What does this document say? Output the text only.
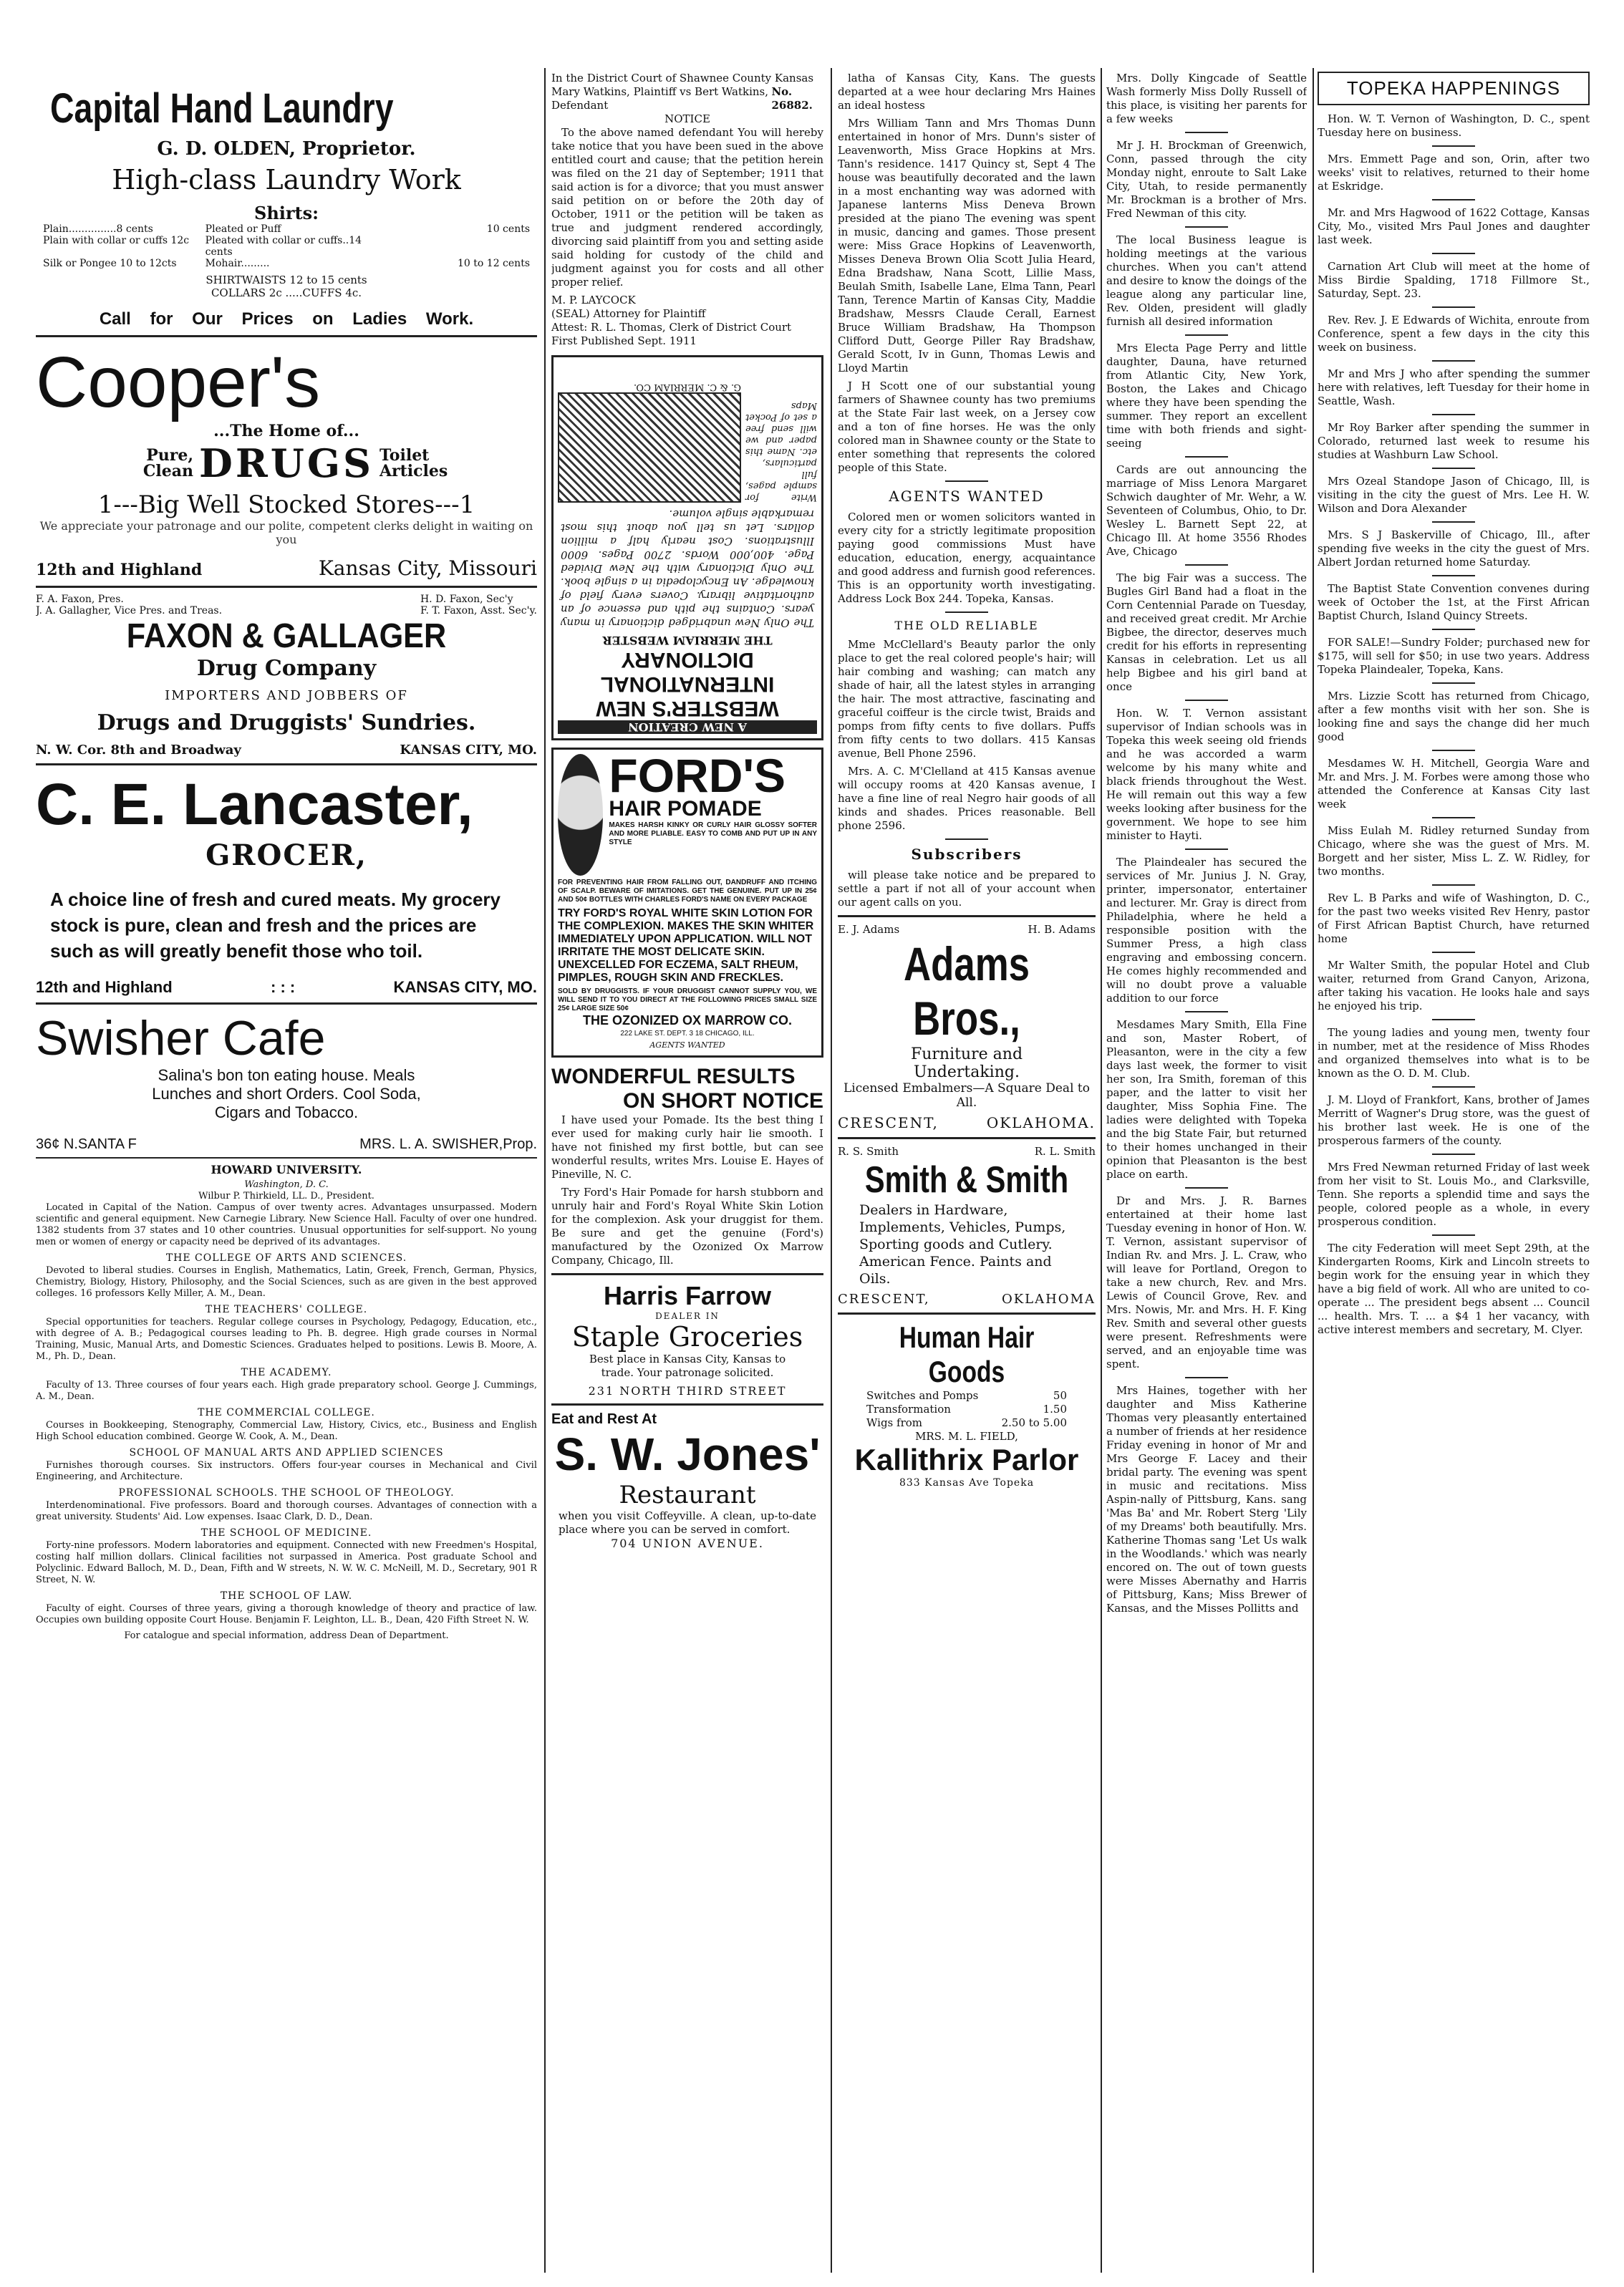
Capital Hand Laundry
G. D. OLDEN, Proprietor.
High-class Laundry Work
Shirts:
Plain...............8 cents	Pleated or Puff	10 cents
Plain with collar or cuffs 12c	Pleated with collar or cuffs..14 cents
Silk or Pongee 10 to 12cts	Mohair.........	10 to 12 cents
SHIRTWAISTS 12 to 15 cents
COLLARS 2c .....CUFFS 4c.
Call for Our Prices on Ladies Work.
Cooper's
...The Home of...
Pure, Clean DRUGS Toilet Articles
1---Big Well Stocked Stores---1
We appreciate your patronage and our polite, competent clerks delight in waiting on you
12th and Highland	Kansas City, Missouri
F. A. Faxon, Pres.
J. A. Gallagher, Vice Pres. and Treas.
H. D. Faxon, Sec'y
F. T. Faxon, Asst. Sec'y.
FAXON & GALLAGER
Drug Company
IMPORTERS AND JOBBERS OF
Drugs and Druggists' Sundries.
N. W. Cor. 8th and Broadway	KANSAS CITY, MO.
C. E. Lancaster,
GROCER,
A choice line of fresh and cured meats. My grocery stock is pure, clean and fresh and the prices are such as will greatly benefit those who toil.
12th and Highland	: : :	KANSAS CITY, MO.
Swisher Cafe
Salina's bon ton eating house. Meals
Lunches and short Orders. Cool Soda,
Cigars and Tobacco.
36¢ N.SANTA F	MRS. L. A. SWISHER,Prop.
HOWARD UNIVERSITY.
Washington, D. C.
Wilbur P. Thirkield, LL. D., President.

Located in Capital of the Nation. Campus of over twenty acres. Advantages unsurpassed. Modern scientific and general equipment. New Carnegie Library. New Science Hall. Faculty of over one hundred. 1382 students from 37 states and 10 other countries. Unusual opportunities for self-support. No young men or women of energy or capacity need be deprived of its advantages.

THE COLLEGE OF ARTS AND SCIENCES.

Devoted to liberal studies. Courses in English, Mathematics, Latin, Greek, French, German, Physics, Chemistry, Biology, History, Philosophy, and the Social Sciences, such as are given in the best approved colleges. 16 professors Kelly Miller, A. M., Dean.

THE TEACHERS' COLLEGE.

Special opportunities for teachers. Regular college courses in Psychology, Pedagogy, Education, etc., with degree of A. B.; Pedagogical courses leading to Ph. B. degree. High grade courses in Normal Training, Music, Manual Arts, and Domestic Sciences. Graduates helped to positions. Lewis B. Moore, A. M., Ph. D., Dean.

THE ACADEMY.

Faculty of 13. Three courses of four years each. High grade preparatory school. George J. Cummings, A. M., Dean.

THE COMMERCIAL COLLEGE.

Courses in Bookkeeping, Stenography, Commercial Law, History, Civics, etc., Business and English High School education combined. George W. Cook, A. M., Dean.

SCHOOL OF MANUAL ARTS AND APPLIED SCIENCES

Furnishes thorough courses. Six instructors. Offers four-year courses in Mechanical and Civil Engineering, and Architecture.

PROFESSIONAL SCHOOLS. THE SCHOOL OF THEOLOGY.

Interdenominational. Five professors. Board and thorough courses. Advantages of connection with a great university. Students' Aid. Low expenses. Isaac Clark, D. D., Dean.

THE SCHOOL OF MEDICINE.

Forty-nine professors. Modern laboratories and equipment. Connected with new Freedmen's Hospital, costing half million dollars. Clinical facilities not surpassed in America. Post graduate School and Polyclinic. Edward Balloch, M. D., Dean, Fifth and W streets, N. W. W. C. McNeill, M. D., Secretary, 901 R Street, N. W.

THE SCHOOL OF LAW.

Faculty of eight. Courses of three years, giving a thorough knowledge of theory and practice of law. Occupies own building opposite Court House. Benjamin F. Leighton, LL. B., Dean, 420 Fifth Street N. W.

For catalogue and special information, address Dean of Department.
In the District Court of Shawnee County Kansas
Mary Watkins, Plaintiff vs Bert Watkins, Defendant
No. 26882.
NOTICE

To the above named defendant You will hereby take notice that you have been sued in the above entitled court and cause; that the petition herein was filed on the 21 day of September; 1911 that said action is for a divorce; that you must answer said petition on or before the 20th day of October, 1911 or the petition will be taken as true and judgment rendered accordingly, divorcing said plaintiff from you and setting aside said holding for custody of the child and judgment against you for costs and all other proper relief.

M. P. LAYCOCK
(SEAL) Attorney for Plaintiff
Attest: R. L. Thomas, Clerk of District Court
First Published Sept. 1911
A NEW CREATION
WEBSTER'S NEW INTERNATIONAL DICTIONARY
THE MERRIAM WEBSTER

The Only New unabridged dictionary in many years. Contains the pith and essence of an authoritative library. Covers every field of knowledge. An Encyclopedia in a single book. The Only Dictionary with the New Divided Page. 400,000 Words. 2700 Pages. 6000 Illustrations. Cost nearly half a million dollars. Let us tell you about this most remarkable single volume.

Write for sample pages, full particulars, etc. Name this paper and we will send free a set of Pocket Maps
G. & C. MERRIAM CO.
FORD'S
HAIR POMADE
MAKES HARSH KINKY OR CURLY HAIR GLOSSY SOFTER AND MORE PLIABLE. EASY TO COMB AND PUT UP IN ANY STYLE
FOR PREVENTING HAIR FROM FALLING OUT, DANDRUFF AND ITCHING OF SCALP. BEWARE OF IMITATIONS. GET THE GENUINE. PUT UP IN 25¢ AND 50¢ BOTTLES WITH CHARLES FORD'S NAME ON EVERY PACKAGE
TRY FORD'S ROYAL WHITE SKIN LOTION FOR THE COMPLEXION. MAKES THE SKIN WHITER IMMEDIATELY UPON APPLICATION. WILL NOT IRRITATE THE MOST DELICATE SKIN. UNEXCELLED FOR ECZEMA, SALT RHEUM, PIMPLES, ROUGH SKIN AND FRECKLES.
SOLD BY DRUGGISTS. IF YOUR DRUGGIST CANNOT SUPPLY YOU, WE WILL SEND IT TO YOU DIRECT AT THE FOLLOWING PRICES SMALL SIZE 25¢ LARGE SIZE 50¢
THE OZONIZED OX MARROW CO.
222 LAKE ST. DEPT. 3 18 CHICAGO, ILL.
AGENTS WANTED
WONDERFUL RESULTS
ON SHORT NOTICE

I have used your Pomade. Its the best thing I ever used for making curly hair lie smooth. I have not finished my first bottle, but can see wonderful results, writes Mrs. Louise E. Hayes of Pineville, N. C.

Try Ford's Hair Pomade for harsh stubborn and unruly hair and Ford's Royal White Skin Lotion for the complexion. Ask your druggist for them. Be sure and get the genuine (Ford's) manufactured by the Ozonized Ox Marrow Company, Chicago, Ill.

Harris Farrow
DEALER IN
Staple Groceries
Best place in Kansas City, Kansas to trade. Your patronage solicited.
231 NORTH THIRD STREET
Eat and Rest At
S. W. Jones'
Restaurant
when you visit Coffeyville. A clean, up-to-date place where you can be served in comfort.
704 UNION AVENUE.

latha of Kansas City, Kans. The guests departed at a wee hour declaring Mrs Haines an ideal hostess

Mrs William Tann and Mrs Thomas Dunn entertained in honor of Mrs. Dunn's sister of Leavenworth, Miss Grace Hopkins at Mrs. Tann's residence. 1417 Quincy st, Sept 4 The house was beautifully decorated and the lawn in a most enchanting way was adorned with Japanese lanterns Miss Deneva Brown presided at the piano The evening was spent in music, dancing and games. Those present were: Miss Grace Hopkins of Leavenworth, Misses Deneva Brown Olia Scott Julia Heard, Edna Bradshaw, Nana Scott, Lillie Mass, Beulah Smith, Isabelle Lane, Elma Tann, Pearl Tann, Terence Martin of Kansas City, Maddie Bradshaw, Messrs Claude Cerall, Earnest Bruce William Bradshaw, Ha Thompson Clifford Dutt, George Piller Ray Bradshaw, Gerald Scott, Iv in Gunn, Thomas Lewis and Lloyd Martin

J H Scott one of our substantial young farmers of Shawnee county has two premiums at the State Fair last week, on a Jersey cow and a ton of fine horses. He was the only colored man in Shawnee county or the State to enter something that represents the colored people of this State.

AGENTS WANTED

Colored men or women solicitors wanted in every city for a strictly legitimate proposition paying good commissions Must have education, education, energy, acquaintance and good address and furnish good references. This is an opportunity worth investigating. Address Lock Box 244. Topeka, Kansas.

THE OLD RELIABLE

Mme McClellard's Beauty parlor the only place to get the real colored people's hair; will hair combing and washing; can match any shade of hair, all the latest styles in arranging the hair. The most attractive, fascinating and graceful coiffeur is the circle twist, Braids and pomps from fifty cents to five dollars. Puffs from fifty cents to two dollars. 415 Kansas avenue, Bell Phone 2596.

Mrs. A. C. M'Clelland at 415 Kansas avenue will occupy rooms at 420 Kansas avenue, I have a fine line of real Negro hair goods of all kinds and shades. Prices reasonable. Bell phone 2596.

Subscribers

will please take notice and be prepared to settle a part if not all of your account when our agent calls on you.

E. J. Adams	H. B. Adams
Adams Bros.,
Furniture and Undertaking.
Licensed Embalmers—A Square Deal to All.
CRESCENT,	OKLAHOMA.
R. S. Smith	R. L. Smith
Smith & Smith
Dealers in Hardware, Implements, Vehicles, Pumps, Sporting goods and Cutlery. American Fence. Paints and Oils.
CRESCENT,	OKLAHOMA
Human Hair Goods
Switches and Pomps	50
Transformation	1.50
Wigs from	2.50 to 5.00
MRS. M. L. FIELD,
Kallithrix Parlor
833 Kansas Ave Topeka

Mrs. Dolly Kingcade of Seattle Wash formerly Miss Dolly Russell of this place, is visiting her parents for a few weeks

Mr J. H. Brockman of Greenwich, Conn, passed through the city Monday night, enroute to Salt Lake City, Utah, to reside permanently Mr. Brockman is a brother of Mrs. Fred Newman of this city.

The local Business league is holding meetings at the various churches. When you can't attend and desire to know the doings of the league along any particular line, Rev. Olden, president will gladly furnish all desired information

Mrs Electa Page Perry and little daughter, Dauna, have returned from Atlantic City, New York, Boston, the Lakes and Chicago where they have been spending the summer. They report an excellent time with both friends and sight-seeing

Cards are out announcing the marriage of Miss Lenora Margaret Schwich daughter of Mr. Wehr, a W. Seventeen of Columbus, Ohio, to Dr. Wesley L. Barnett Sept 22, at Chicago Ill. At home 3556 Rhodes Ave, Chicago

The big Fair was a success. The Bugles Girl Band had a float in the Corn Centennial Parade on Tuesday, and received great credit. Mr Archie Bigbee, the director, deserves much credit for his efforts in representing Kansas in celebration. Let us all help Bigbee and his girl band at once

Hon. W. T. Vernon assistant supervisor of Indian schools was in Topeka this week seeing old friends and he was accorded a warm welcome by his many white and black friends throughout the West. He will remain out this way a few weeks looking after business for the government. We hope to see him minister to Hayti.

The Plaindealer has secured the services of Mr. Junius J. N. Gray, printer, impersonator, entertainer and lecturer. Mr. Gray is direct from Philadelphia, where he held a responsible position with the Summer Press, a high class engraving and embossing concern. He comes highly recommended and will no doubt prove a valuable addition to our force

Mesdames Mary Smith, Ella Fine and son, Master Robert, of Pleasanton, were in the city a few days last week, the former to visit her son, Ira Smith, foreman of this paper, and the latter to visit her daughter, Miss Sophia Fine. The ladies were delighted with Topeka and the big State Fair, but returned to their homes unchanged in their opinion that Pleasanton is the best place on earth.

Dr and Mrs. J. R. Barnes entertained at their home last Tuesday evening in honor of Hon. W. T. Vernon, assistant supervisor of Indian Rv. and Mrs. J. L. Craw, who will leave for Portland, Oregon to take a new church, Rev. and Mrs. Lewis of Council Grove, Rev. and Mrs. Nowis, Mr. and Mrs. H. F. King Rev. Smith and several other guests were present. Refreshments were served, and an enjoyable time was spent.

Mrs Haines, together with her daughter and Miss Katherine Thomas very pleasantly entertained a number of friends at her residence Friday evening in honor of Mr and Mrs George F. Lacey and their bridal party. The evening was spent in music and recitations. Miss Aspin-nally of Pittsburg, Kans. sang 'Mas Ba' and Mr. Robert Sterg 'Lily of my Dreams' both beautifully. Mrs. Katherine Thomas sang 'Let Us walk in the Woodlands.' which was nearly encored on. The out of town guests were Misses Abernathy and Harris of Pittsburg, Kans; Miss Brewer of Kansas, and the Misses Pollitts and

TOPEKA HAPPENINGS

Hon. W. T. Vernon of Washington, D. C., spent Tuesday here on business.

Mrs. Emmett Page and son, Orin, after two weeks' visit to relatives, returned to their home at Eskridge.

Mr. and Mrs Hagwood of 1622 Cottage, Kansas City, Mo., visited Mrs Paul Jones and daughter last week.

Carnation Art Club will meet at the home of Miss Birdie Spalding, 1718 Fillmore St., Saturday, Sept. 23.

Rev. Rev. J. E Edwards of Wichita, enroute from Conference, spent a few days in the city this week on business.

Mr and Mrs J who after spending the summer here with relatives, left Tuesday for their home in Seattle, Wash.

Mr Roy Barker after spending the summer in Colorado, returned last week to resume his studies at Washburn Law School.

Mrs Ozeal Standope Jason of Chicago, Ill, is visiting in the city the guest of Mrs. Lee H. W. Wilson and Dora Alexander

Mrs. S J Baskerville of Chicago, Ill., after spending five weeks in the city the guest of Mrs. Albert Jordan returned home Saturday.

The Baptist State Convention convenes during week of October the 1st, at the First African Baptist Church, Island Quincy Streets.

FOR SALE!—Sundry Folder; purchased new for $175, will sell for $50; in use two years. Address Topeka Plaindealer, Topeka, Kans.

Mrs. Lizzie Scott has returned from Chicago, after a few months visit with her son. She is looking fine and says the change did her much good

Mesdames W. H. Mitchell, Georgia Ware and Mr. and Mrs. J. M. Forbes were among those who attended the Conference at Kansas City last week

Miss Eulah M. Ridley returned Sunday from Chicago, where she was the guest of Mrs. M. Borgett and her sister, Miss L. Z. W. Ridley, for two months.

Rev L. B Parks and wife of Washington, D. C., for the past two weeks visited Rev Henry, pastor of First African Baptist Church, have returned home

Mr Walter Smith, the popular Hotel and Club waiter, returned from Grand Canyon, Arizona, after taking his vacation. He looks hale and says he enjoyed his trip.

The young ladies and young men, twenty four in number, met at the residence of Miss Rhodes and organized themselves into what is to be known as the O. D. M. Club.

J. M. Lloyd of Frankfort, Kans, brother of James Merritt of Wagner's Drug store, was the guest of his brother last week. He is one of the prosperous farmers of the county.

Mrs Fred Newman returned Friday of last week from her visit to St. Louis Mo., and Clarksville, Tenn. She reports a splendid time and says the people, colored people as a whole, in every prosperous condition.

The city Federation will meet Sept 29th, at the Kindergarten Rooms, Kirk and Lincoln streets to begin work for the ensuing year in which they have a big field of work. All who are united to co-operate ... The president begs absent ... Council ... health. Mrs. T. ... a $4 1 her vacancy, with active interest members and secretary, M. Clyer.
